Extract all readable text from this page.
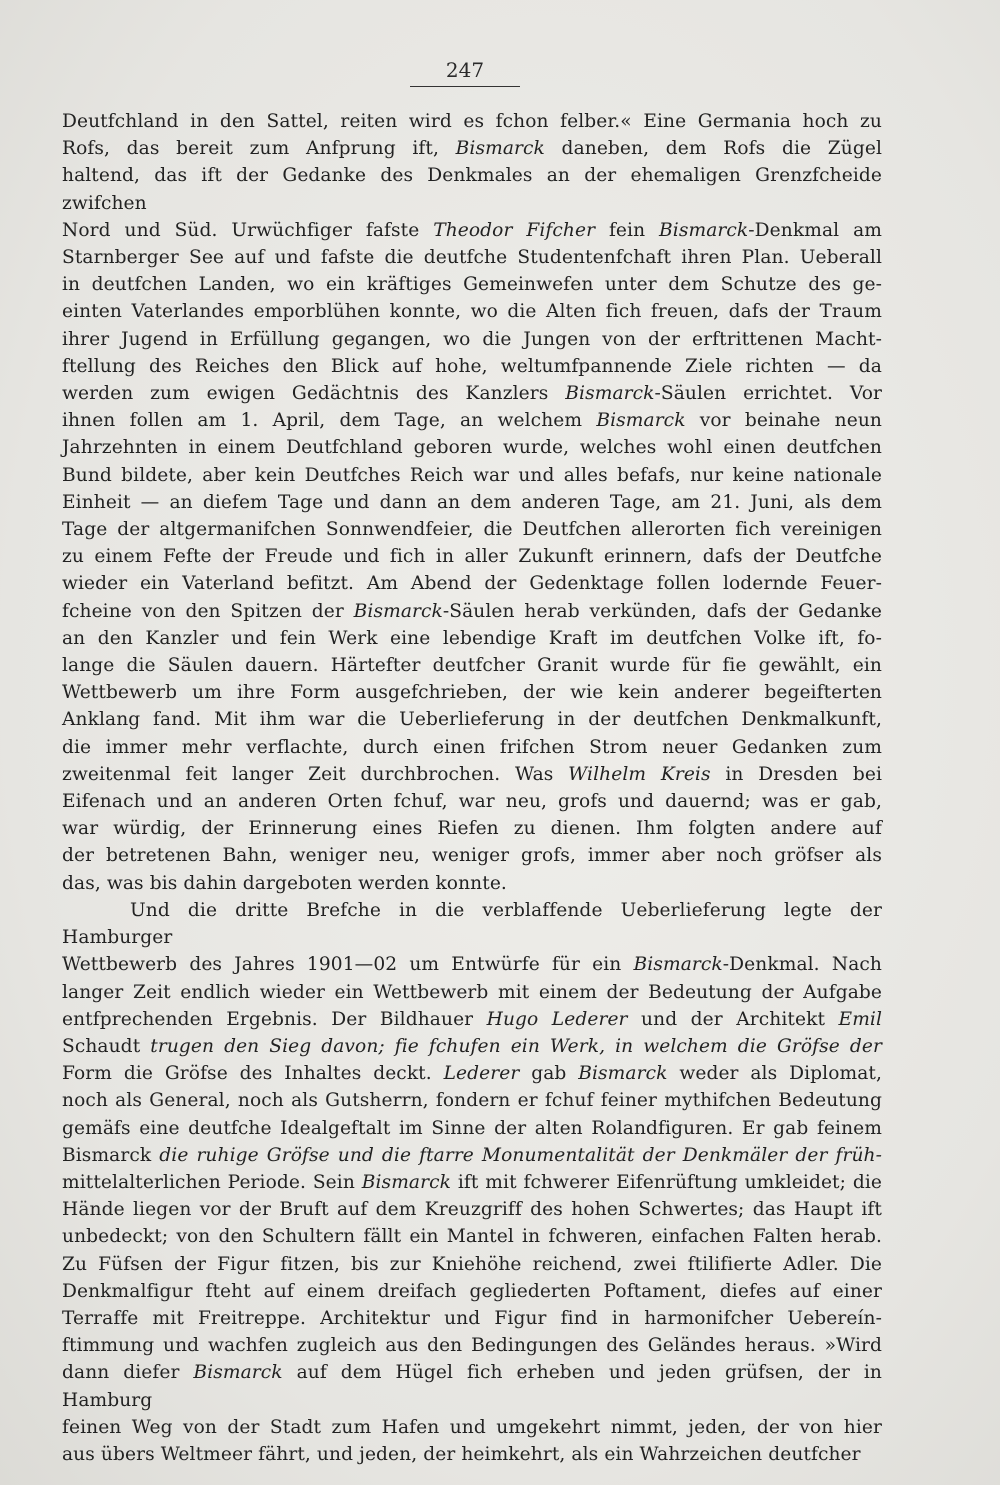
247

Deutfchland in den Sattel, reiten wird es fchon felber.« Eine Germania hoch zu

Rofs, das bereit zum Anfprung ift, Bismarck daneben, dem Rofs die Zügel

haltend, das ift der Gedanke des Denkmales an der ehemaligen Grenzfcheide zwifchen

Nord und Süd. Urwüchfiger fafste Theodor Fifcher fein Bismarck-Denkmal am

Starnberger See auf und fafste die deutfche Studentenfchaft ihren Plan. Ueberall

in deutfchen Landen, wo ein kräftiges Gemeinwefen unter dem Schutze des ge-

einten Vaterlandes emporblühen konnte, wo die Alten fich freuen, dafs der Traum

ihrer Jugend in Erfüllung gegangen, wo die Jungen von der erftrittenen Macht-

ftellung des Reiches den Blick auf hohe, weltumfpannende Ziele richten — da

werden zum ewigen Gedächtnis des Kanzlers Bismarck-Säulen errichtet. Vor

ihnen follen am 1. April, dem Tage, an welchem Bismarck vor beinahe neun

Jahrzehnten in einem Deutfchland geboren wurde, welches wohl einen deutfchen

Bund bildete, aber kein Deutfches Reich war und alles befafs, nur keine nationale

Einheit — an diefem Tage und dann an dem anderen Tage, am 21. Juni, als dem

Tage der altgermanifchen Sonnwendfeier, die Deutfchen allerorten fich vereinigen

zu einem Fefte der Freude und fich in aller Zukunft erinnern, dafs der Deutfche

wieder ein Vaterland befitzt. Am Abend der Gedenktage follen lodernde Feuer-

fcheine von den Spitzen der Bismarck-Säulen herab verkünden, dafs der Gedanke

an den Kanzler und fein Werk eine lebendige Kraft im deutfchen Volke ift, fo-

lange die Säulen dauern. Härtefter deutfcher Granit wurde für fie gewählt, ein

Wettbewerb um ihre Form ausgefchrieben, der wie kein anderer begeifterten

Anklang fand. Mit ihm war die Ueberlieferung in der deutfchen Denkmalkunft,

die immer mehr verflachte, durch einen frifchen Strom neuer Gedanken zum

zweitenmal feit langer Zeit durchbrochen. Was Wilhelm Kreis in Dresden bei

Eifenach und an anderen Orten fchuf, war neu, grofs und dauernd; was er gab,

war würdig, der Erinnerung eines Riefen zu dienen. Ihm folgten andere auf

der betretenen Bahn, weniger neu, weniger grofs, immer aber noch gröfser als

das, was bis dahin dargeboten werden konnte.

Und die dritte Brefche in die verblaffende Ueberlieferung legte der Hamburger

Wettbewerb des Jahres 1901—02 um Entwürfe für ein Bismarck-Denkmal. Nach

langer Zeit endlich wieder ein Wettbewerb mit einem der Bedeutung der Aufgabe

entfprechenden Ergebnis. Der Bildhauer Hugo Lederer und der Architekt Emil

Schaudt trugen den Sieg davon; fie fchufen ein Werk, in welchem die Gröfse der

Form die Gröfse des Inhaltes deckt. Lederer gab Bismarck weder als Diplomat,

noch als General, noch als Gutsherrn, fondern er fchuf feiner mythifchen Bedeutung

gemäfs eine deutfche Idealgeftalt im Sinne der alten Rolandfiguren. Er gab feinem

Bismarck die ruhige Gröfse und die ftarre Monumentalität der Denkmäler der früh-

mittelalterlichen Periode. Sein Bismarck ift mit fchwerer Eifenrüftung umkleidet; die

Hände liegen vor der Bruft auf dem Kreuzgriff des hohen Schwertes; das Haupt ift

unbedeckt; von den Schultern fällt ein Mantel in fchweren, einfachen Falten herab.

Zu Füfsen der Figur fitzen, bis zur Kniehöhe reichend, zwei ftilifierte Adler. Die

Denkmalfigur fteht auf einem dreifach gegliederten Poftament, diefes auf einer

Terraffe mit Freitreppe. Architektur und Figur find in harmonifcher Uebereín-

ftimmung und wachfen zugleich aus den Bedingungen des Geländes heraus. »Wird

dann diefer Bismarck auf dem Hügel fich erheben und jeden grüfsen, der in Hamburg

feinen Weg von der Stadt zum Hafen und umgekehrt nimmt, jeden, der von hier

aus übers Weltmeer fährt, und jeden, der heimkehrt, als ein Wahrzeichen deutfcher
